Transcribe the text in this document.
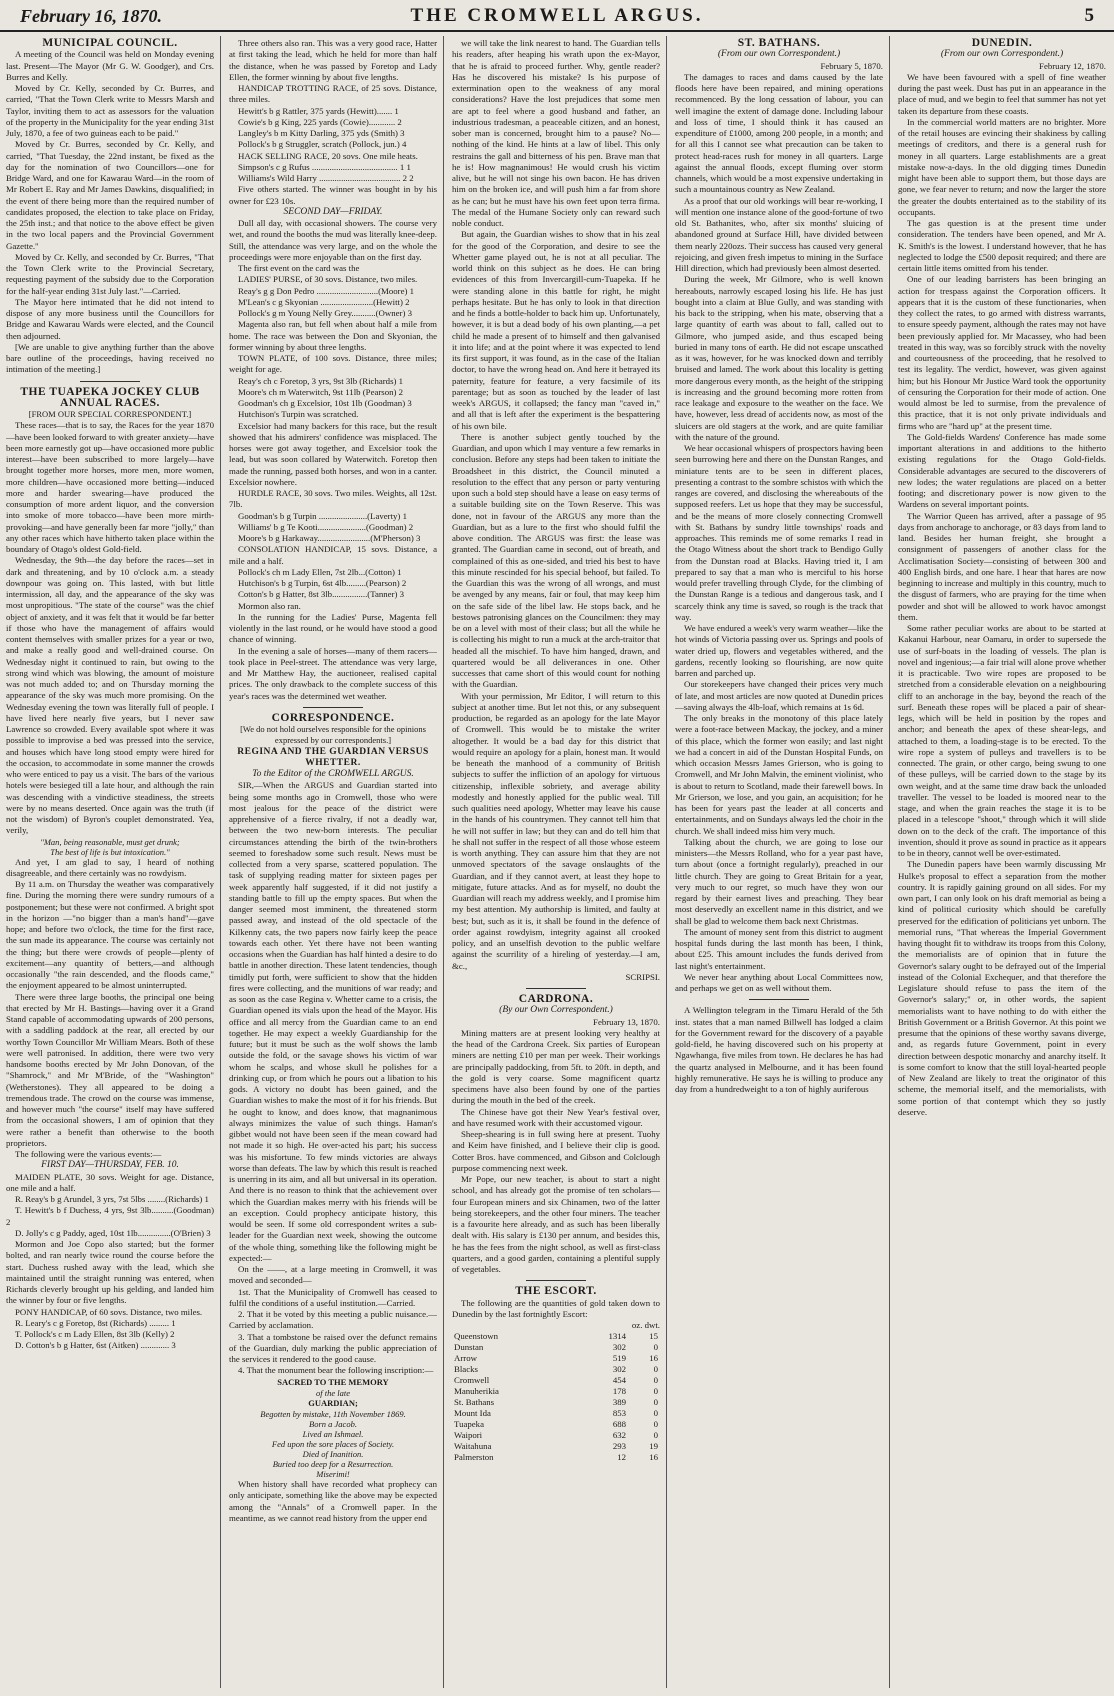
February 16, 1870.	THE CROMWELL ARGUS.	5

MUNICIPAL COUNCIL.

A meeting of the Council was held on Monday evening last. Present—The Mayor (Mr G. W. Goodger), and Crs. Burres and Kelly.

Moved by Cr. Kelly, seconded by Cr. Burres, and carried, "That the Town Clerk write to Messrs Marsh and Taylor, inviting them to act as assessors for the valuation of the property in the Municipality for the year ending 31st July, 1870, a fee of two guineas each to be paid."

Moved by Cr. Burres, seconded by Cr. Kelly, and carried, "That Tuesday, the 22nd instant, be fixed as the day for the nomination of two Councillors—one for Bridge Ward, and one for Kawarau Ward—in the room of Mr Robert E. Ray and Mr James Dawkins, disqualified; in the event of there being more than the required number of candidates proposed, the election to take place on Friday, the 25th inst.; and that notice to the above effect be given in the two local papers and the Provincial Government Gazette."

Moved by Cr. Kelly, and seconded by Cr. Burres, "That the Town Clerk write to the Provincial Secretary, requesting payment of the subsidy due to the Corporation for the half-year ending 31st July last."—Carried.

The Mayor here intimated that he did not intend to dispose of any more business until the Councillors for Bridge and Kawarau Wards were elected, and the Council then adjourned.

[We are unable to give anything further than the above bare outline of the proceedings, having received no intimation of the meeting.]

THE TUAPEKA JOCKEY CLUB ANNUAL RACES.

[FROM OUR SPECIAL CORRESPONDENT.]

These races—that is to say, the Races for the year 1870—have been looked forward to with greater anxiety—have been more earnestly got up—have occasioned more public interest—have been subscribed to more largely—have brought together more horses, more men, more women, more children—have occasioned more betting—induced more and harder swearing—have produced the consumption of more ardent liquor, and the conversion into smoke of more tobacco—have been more mirth-provoking—and have generally been far more "jolly," than any other races which have hitherto taken place within the boundary of Otago's oldest Gold-field.

Wednesday, the 9th—the day before the races—set in dark and threatening, and by 10 o'clock a.m. a steady downpour was going on. This lasted, with but little intermission, all day, and the appearance of the sky was most unpropitious. "The state of the course" was the chief object of anxiety, and it was felt that it would be far better if those who have the management of affairs would content themselves with smaller prizes for a year or two, and make a really good and well-drained course. On Wednesday night it continued to rain, but owing to the strong wind which was blowing, the amount of moisture was not much added to; and on Thursday morning the appearance of the sky was much more promising. On the Wednesday evening the town was literally full of people. I have lived here nearly five years, but I never saw Lawrence so crowded. Every available spot where it was possible to improvise a bed was pressed into the service, and houses which have long stood empty were hired for the occasion, to accommodate in some manner the crowds who were enticed to pay us a visit. The bars of the various hotels were besieged till a late hour, and although the rain was descending with a vindictive steadiness, the streets were by no means deserted. Once again was the truth (if not the wisdom) of Byron's couplet demonstrated. Yea, verily,

"Man, being reasonable, must get drunk;

The best of life is but intoxication."

And yet, I am glad to say, I heard of nothing disagreeable, and there certainly was no rowdyism.

By 11 a.m. on Thursday the weather was comparatively fine. During the morning there were sundry rumours of a postponement; but these were not confirmed. A bright spot in the horizon —"no bigger than a man's hand"—gave hope; and before two o'clock, the time for the first race, the sun made its appearance. The course was certainly not the thing; but there were crowds of people—plenty of excitement—any quantity of betters,—and although occasionally "the rain descended, and the floods came," the enjoyment appeared to be almost uninterrupted.

There were three large booths, the principal one being that erected by Mr H. Bastings—having over it a Grand Stand capable of accommodating upwards of 200 persons, with a saddling paddock at the rear, all erected by our worthy Town Councillor Mr William Mears. Both of these were well patronised. In addition, there were two very handsome booths erected by Mr John Donovan, of the "Shamrock," and Mr M'Bride, of the "Washington" (Wetherstones). They all appeared to be doing a tremendous trade. The crowd on the course was immense, and however much "the course" itself may have suffered from the occasional showers, I am of opinion that they were rather a benefit than otherwise to the booth proprietors.

The following were the various events:—

FIRST DAY—THURSDAY, FEB. 10.

MAIDEN PLATE, 30 sovs. Weight for age. Distance, one mile and a half.

R. Reay's b g Arundel, 3 yrs, 7st 5lbs ........(Richards) 1

T. Hewitt's b f Duchess, 4 yrs, 9st 3lb..........(Goodman) 2

D. Jolly's c g Paddy, aged, 10st 1lb...............(O'Brien) 3

Mormon and Joe Copo also started; but the former bolted, and ran nearly twice round the course before the start. Duchess rushed away with the lead, which she maintained until the straight running was entered, when Richards cleverly brought up his gelding, and landed him the winner by four or five lengths.

PONY HANDICAP, of 60 sovs. Distance, two miles.

R. Leary's c g Foretop, 8st (Richards) ......... 1

T. Pollock's c m Lady Ellen, 8st 3lb (Kelly) 2

D. Cotton's b g Hatter, 6st (Aitken) ............. 3

Three others also ran. This was a very good race, Hatter at first taking the lead, which he held for more than half the distance, when he was passed by Foretop and Lady Ellen, the former winning by about five lengths.

HANDICAP TROTTING RACE, of 25 sovs. Distance, three miles.

Hewitt's b g Rattler, 375 yards (Hewitt)....... 1

Cowie's b g King, 225 yards (Cowie)............ 2

Langley's b m Kitty Darling, 375 yds (Smith) 3

Pollock's b g Struggler, scratch (Pollock, jun.) 4

HACK SELLING RACE, 20 sovs. One mile heats.

Simpson's c g Rufus ....................................... 1 1

Williams's Wild Harry ..................................... 2 2

Five others started. The winner was bought in by his owner for £23 10s.

SECOND DAY—FRIDAY.

Dull all day, with occasional showers. The course very wet, and round the booths the mud was literally knee-deep. Still, the attendance was very large, and on the whole the proceedings were more enjoyable than on the first day.

The first event on the card was the

LADIES' PURSE, of 30 sovs. Distance, two miles.

Reay's g g Don Pedro ............................(Moore) 1

M'Lean's c g Skyonian ........................(Hewitt) 2

Pollock's g m Young Nelly Grey...........(Owner) 3

Magenta also ran, but fell when about half a mile from home. The race was between the Don and Skyonian, the former winning by about three lengths.

TOWN PLATE, of 100 sovs. Distance, three miles; weight for age.

Reay's ch c Foretop, 3 yrs, 9st 3lb (Richards) 1

Moore's ch m Waterwitch, 9st 11lb (Pearson) 2

Goodman's ch g Excelsior, 10st 1lb (Goodman) 3

Hutchison's Turpin was scratched.

Excelsior had many backers for this race, but the result showed that his admirers' confidence was misplaced. The horses were got away together, and Excelsior took the lead, but was soon collared by Waterwitch. Foretop then made the running, passed both horses, and won in a canter. Excelsior nowhere.

HURDLE RACE, 30 sovs. Two miles. Weights, all 12st. 7lb.

Goodman's b g Turpin ......................(Laverty) 1

Williams' b g Te Kooti......................(Goodman) 2

Moore's b g Harkaway........................(M'Pherson) 3

CONSOLATION HANDICAP, 15 sovs. Distance, a mile and a half.

Pollock's ch m Lady Ellen, 7st 2lb...(Cotton) 1

Hutchison's b g Turpin, 6st 4lb.........(Pearson) 2

Cotton's b g Hatter, 8st 3lb................(Tanner) 3

Mormon also ran.

In the running for the Ladies' Purse, Magenta fell violently in the last round, or he would have stood a good chance of winning.

In the evening a sale of horses—many of them racers—took place in Peel-street. The attendance was very large, and Mr Matthew Hay, the auctioneer, realised capital prices. The only drawback to the complete success of this year's races was the determined wet weather.

CORRESPONDENCE.

[We do not hold ourselves responsible for the opinions expressed by our correspondents.]

REGINA AND THE GUARDIAN VERSUS WHETTER.

To the Editor of the CROMWELL ARGUS.

SIR,—When the ARGUS and Guardian started into being some months ago in Cromwell, those who were most jealous for the peace of the district were apprehensive of a fierce rivalry, if not a deadly war, between the two new-born interests. The peculiar circumstances attending the birth of the twin-brothers seemed to foreshadow some such result. News must be collected from a very sparse, scattered population. The task of supplying reading matter for sixteen pages per week apparently half suggested, if it did not justify a standing battle to fill up the empty spaces. But when the danger seemed most imminent, the threatened storm passed away, and instead of the old spectacle of the Kilkenny cats, the two papers now fairly keep the peace towards each other. Yet there have not been wanting occasions when the Guardian has half hinted a desire to do battle in another direction. These latent tendencies, though timidly put forth, were sufficient to show that the hidden fires were collecting, and the munitions of war ready; and as soon as the case Regina v. Whetter came to a crisis, the Guardian opened its vials upon the head of the Mayor. His office and all mercy from the Guardian came to an end together. He may expect a weekly Guardianship for the future; but it must be such as the wolf shows the lamb outside the fold, or the savage shows his victim of war whom he scalps, and whose skull he polishes for a drinking cup, or from which he pours out a libation to his gods. A victory no doubt has been gained, and the Guardian wishes to make the most of it for his friends. But he ought to know, and does know, that magnanimous always minimizes the value of such things. Haman's gibbet would not have been seen if the mean coward had not made it so high. He over-acted his part; his success was his misfortune. To few minds victories are always worse than defeats. The law by which this result is reached is unerring in its aim, and all but universal in its operation. And there is no reason to think that the achievement over which the Guardian makes merry with his friends will be an exception. Could prophecy anticipate history, this would be seen. If some old correspondent writes a sub-leader for the Guardian next week, showing the outcome of the whole thing, something like the following might be expected:—

On the ——, at a large meeting in Cromwell, it was moved and seconded—

1st. That the Municipality of Cromwell has ceased to fulfil the conditions of a useful institution.—Carried.

2. That it be voted by this meeting a public nuisance.—Carried by acclamation.

3. That a tombstone be raised over the defunct remains of the Guardian, duly marking the public appreciation of the services it rendered to the good cause.

4. That the monument bear the following inscription:—

SACRED TO THE MEMORY

of the late

GUARDIAN;

Begotten by mistake, 11th November 1869.

Born a Jacob.

Lived an Ishmael.

Fed upon the sore places of Society.

Died of Inanition.

Buried too deep for a Resurrection.

Miserimi!

When history shall have recorded what prophecy can only anticipate, something like the above may be expected among the "Annals" of a Cromwell paper. In the meantime, as we cannot read history from the upper end

we will take the link nearest to hand. The Guardian tells his readers, after heaping his wrath upon the ex-Mayor, that he is afraid to proceed further. Why, gentle reader? Has he discovered his mistake? Is his purpose of extermination open to the weakness of any moral considerations? Have the lost prejudices that some men are apt to feel where a good husband and father, an industrious tradesman, a peaceable citizen, and an honest, sober man is concerned, brought him to a pause? No—nothing of the kind. He hints at a law of libel. This only restrains the gall and bitterness of his pen. Brave man that he is! How magnanimous! He would crush his victim alive, but he will not singe his own bacon. He has driven him on the broken ice, and will push him a far from shore as he can; but he must have his own feet upon terra firma. The medal of the Humane Society only can reward such noble conduct.

But again, the Guardian wishes to show that in his zeal for the good of the Corporation, and desire to see the Whetter game played out, he is not at all peculiar. The world think on this subject as he does. He can bring evidences of this from Invercargill-cum-Tuapeka. If he were standing alone in this battle for right, he might perhaps hesitate. But he has only to look in that direction and he finds a bottle-holder to back him up. Unfortunately, however, it is but a dead body of his own planting,—a pet child he made a present of to himself and then galvanised it into life; and at the point where it was expected to lend its first support, it was found, as in the case of the Italian doctor, to have the wrong head on. And here it betrayed its paternity, feature for feature, a very facsimile of its parentage; but as soon as touched by the leader of last week's ARGUS, it collapsed; the fancy man "caved in," and all that is left after the experiment is the bespattering of his own bile.

There is another subject gently touched by the Guardian, and upon which I may venture a few remarks in conclusion. Before any steps had been taken to initiate the Broadsheet in this district, the Council minuted a resolution to the effect that any person or party venturing upon such a bold step should have a lease on easy terms of a suitable building site on the Town Reserve. This was done, not in favour of the ARGUS any more than the Guardian, but as a lure to the first who should fulfil the above condition. The ARGUS was first: the lease was granted. The Guardian came in second, out of breath, and complained of this as one-sided, and tried his best to have this minute rescinded for his special behoof, but failed. To the Guardian this was the wrong of all wrongs, and must be avenged by any means, fair or foul, that may keep him on the safe side of the libel law. He stops back, and he bestows patronising glances on the Councilmen: they may be on a level with most of their class; but all the while he is collecting his might to run a muck at the arch-traitor that headed all the mischief. To have him hanged, drawn, and quartered would be all deliverances in one. Other successes that came short of this would count for nothing with the Guardian.

With your permission, Mr Editor, I will return to this subject at another time. But let not this, or any subsequent production, be regarded as an apology for the late Mayor of Cromwell. This would be to mistake the writer altogether. It would be a bad day for this district that would require an apology for a plain, honest man. It would be beneath the manhood of a community of British subjects to suffer the infliction of an apology for virtuous citizenship, inflexible sobriety, and average ability modestly and honestly applied for the public weal. Till such qualities need apology, Whetter may leave his cause in the hands of his countrymen. They cannot tell him that he will not suffer in law; but they can and do tell him that he shall not suffer in the respect of all those whose esteem is worth anything. They can assure him that they are not unmoved spectators of the savage onslaughts of the Guardian, and if they cannot avert, at least they hope to mitigate, future attacks. And as for myself, no doubt the Guardian will reach my address weekly, and I promise him my best attention. My authorship is limited, and faulty at best; but, such as it is, it shall be found in the defence of order against rowdyism, integrity against all crooked policy, and an unselfish devotion to the public welfare against the scurrility of a hireling of yesterday.—I am, &c.,

SCRIPSI.

CARDRONA.

(By our Own Correspondent.)

February 13, 1870.

Mining matters are at present looking very healthy at the head of the Cardrona Creek. Six parties of European miners are netting £10 per man per week. Their workings are principally paddocking, from 5ft. to 20ft. in depth, and the gold is very coarse. Some magnificent quartz specimens have also been found by one of the parties during the mouth in the bed of the creek.

The Chinese have got their New Year's festival over, and have resumed work with their accustomed vigour.

Sheep-shearing is in full swing here at present. Tuohy and Keim have finished, and I believe their clip is good. Cotter Bros. have commenced, and Gibson and Colclough purpose commencing next week.

Mr Pope, our new teacher, is about to start a night school, and has already got the promise of ten scholars—four European miners and six Chinamen, two of the latter being storekeepers, and the other four miners. The teacher is a favourite here already, and as such has been liberally dealt with. His salary is £130 per annum, and besides this, he has the fees from the night school, as well as first-class quarters, and a good garden, containing a plentiful supply of vegetables.

THE ESCORT.

The following are the quantities of gold taken down to Dunedin by the last fortnightly Escort:

oz. dwt.

Queenstown	1314	15
Dunstan	302	0
Arrow	519	16
Blacks	302	0
Cromwell	454	0
Manuherikia	178	0
St. Bathans	389	0
Mount Ida	853	0
Tuapeka	688	0
Waipori	632	0
Waitahuna	293	19
Palmerston	12	16

ST. BATHANS.

(From our own Correspondent.)

February 5, 1870.

The damages to races and dams caused by the late floods here have been repaired, and mining operations recommenced. By the long cessation of labour, you can well imagine the extent of damage done. Including labour and loss of time, I should think it has caused an expenditure of £1000, among 200 people, in a month; and for all this I cannot see what precaution can be taken to protect head-races rush for money in all quarters. Large against the annual floods, except fluming over storm channels, which would be a most expensive undertaking in such a mountainous country as New Zealand.

As a proof that our old workings will bear re-working, I will mention one instance alone of the good-fortune of two old St. Bathanites, who, after six months' sluicing of abandoned ground at Surface Hill, have divided between them nearly 220ozs. Their success has caused very general rejoicing, and given fresh impetus to mining in the Surface Hill direction, which had previously been almost deserted.

During the week, Mr Gilmore, who is well known hereabouts, narrowly escaped losing his life. He has just bought into a claim at Blue Gully, and was standing with his back to the stripping, when his mate, observing that a large quantity of earth was about to fall, called out to Gilmore, who jumped aside, and thus escaped being buried in many tons of earth. He did not escape unscathed as it was, however, for he was knocked down and terribly bruised and lamed. The work about this locality is getting more dangerous every month, as the height of the stripping is increasing and the ground becoming more rotten from race leakage and exposure to the weather on the face. We have, however, less dread of accidents now, as most of the sluicers are old stagers at the work, and are quite familiar with the nature of the ground.

We hear occasional whispers of prospectors having been seen burrowing here and there on the Dunstan Ranges, and miniature tents are to be seen in different places, presenting a contrast to the sombre schistos with which the ranges are covered, and disclosing the whereabouts of the supposed reefers. Let us hope that they may be successful, and be the means of more closely connecting Cromwell with St. Bathans by sundry little townships' roads and approaches. This reminds me of some remarks I read in the Otago Witness about the short track to Bendigo Gully from the Dunstan road at Blacks. Having tried it, I am prepared to say that a man who is merciful to his horse would prefer travelling through Clyde, for the climbing of the Dunstan Range is a tedious and dangerous task, and I scarcely think any time is saved, so rough is the track that way.

We have endured a week's very warm weather—like the hot winds of Victoria passing over us. Springs and pools of water dried up, flowers and vegetables withered, and the gardens, recently looking so flourishing, are now quite barren and parched up.

Our storekeepers have changed their prices very much of late, and most articles are now quoted at Dunedin prices—saving always the 4lb-loaf, which remains at 1s 6d.

The only breaks in the monotony of this place lately were a foot-race between Mackay, the jockey, and a miner of this place, which the former won easily; and last night we had a concert in aid of the Dunstan Hospital Funds, on which occasion Messrs James Grierson, who is going to Cromwell, and Mr John Malvin, the eminent violinist, who is about to return to Scotland, made their farewell bows. In Mr Grierson, we lose, and you gain, an acquisition; for he has been for years past the leader at all concerts and entertainments, and on Sundays always led the choir in the church. We shall indeed miss him very much.

Talking about the church, we are going to lose our ministers—the Messrs Rolland, who for a year past have, turn about (once a fortnight regularly), preached in our little church. They are going to Great Britain for a year, very much to our regret, so much have they won our regard by their earnest lives and preaching. They bear most deservedly an excellent name in this district, and we shall be glad to welcome them back next Christmas.

The amount of money sent from this district to augment hospital funds during the last month has been, I think, about £25. This amount includes the funds derived from last night's entertainment.

We never hear anything about Local Committees now, and perhaps we get on as well without them.

A Wellington telegram in the Timaru Herald of the 5th inst. states that a man named Billwell has lodged a claim for the Government reward for the discovery of a payable gold-field, he having discovered such on his property at Ngawhanga, five miles from town. He declares he has had the quartz analysed in Melbourne, and it has been found highly remunerative. He says he is willing to produce any day from a hundredweight to a ton of highly auriferous

DUNEDIN.

(From our own Correspondent.)

February 12, 1870.

We have been favoured with a spell of fine weather during the past week. Dust has put in an appearance in the place of mud, and we begin to feel that summer has not yet taken its departure from these coasts.

In the commercial world matters are no brighter. More of the retail houses are evincing their shakiness by calling meetings of creditors, and there is a general rush for money in all quarters. Large establishments are a great mistake now-a-days. In the old digging times Dunedin might have been able to support them, but those days are gone, we fear never to return; and now the larger the store the greater the doubts entertained as to the stability of its occupants.

The gas question is at the present time under consideration. The tenders have been opened, and Mr A. K. Smith's is the lowest. I understand however, that he has neglected to lodge the £500 deposit required; and there are certain little items omitted from his tender.

One of our leading barristers has been bringing an action for trespass against the Corporation officers. It appears that it is the custom of these functionaries, when they collect the rates, to go armed with distress warrants, to ensure speedy payment, although the rates may not have been previously applied for. Mr Macassey, who had been treated in this way, was so forcibly struck with the novelty and courteousness of the proceeding, that he resolved to test its legality. The verdict, however, was given against him; but his Honour Mr Justice Ward took the opportunity of censuring the Corporation for their mode of action. One would almost be led to surmise, from the prevalence of this practice, that it is not only private individuals and firms who are "hard up" at the present time.

The Gold-fields Wardens' Conference has made some important alterations in and additions to the hitherto existing regulations for the Otago Gold-fields. Considerable advantages are secured to the discoverers of new lodes; the water regulations are placed on a better footing; and discretionary power is now given to the Wardens on several important points.

The Warrior Queen has arrived, after a passage of 95 days from anchorage to anchorage, or 83 days from land to land. Besides her human freight, she brought a consignment of passengers of another class for the Acclimatisation Society—consisting of between 300 and 400 English birds, and one hare. I hear that hares are now beginning to increase and multiply in this country, much to the disgust of farmers, who are praying for the time when powder and shot will be allowed to work havoc amongst them.

Some rather peculiar works are about to be started at Kakanui Harbour, near Oamaru, in order to supersede the use of surf-boats in the loading of vessels. The plan is novel and ingenious;—a fair trial will alone prove whether it is practicable. Two wire ropes are proposed to be stretched from a considerable elevation on a neighbouring cliff to an anchorage in the bay, beyond the reach of the surf. Beneath these ropes will be placed a pair of shear-legs, which will be held in position by the ropes and anchor; and beneath the apex of these shear-legs, and attached to them, a loading-stage is to be erected. To the wire rope a system of pulleys and travellers is to be connected. The grain, or other cargo, being swung to one of these pulleys, will be carried down to the stage by its own weight, and at the same time draw back the unloaded traveller. The vessel to be loaded is moored near to the stage, and when the grain reaches the stage it is to be placed in a telescope "shoot," through which it will slide down on to the deck of the craft. The importance of this invention, should it prove as sound in practice as it appears to be in theory, cannot well be over-estimated.

The Dunedin papers have been warmly discussing Mr Hulke's proposal to effect a separation from the mother country. It is rapidly gaining ground on all sides. For my own part, I can only look on his draft memorial as being a kind of political curiosity which should be carefully preserved for the edification of politicians yet unborn. The memorial runs, "That whereas the Imperial Government having thought fit to withdraw its troops from this Colony, the memorialists are of opinion that in future the Governor's salary ought to be defrayed out of the Imperial instead of the Colonial Exchequer, and that therefore the Legislature should refuse to pass the item of the Governor's salary;" or, in other words, the sapient memorialists want to have nothing to do with either the British Government or a British Governor. At this point we presume that the opinions of these worthy savans diverge, and, as regards future Government, point in every direction between despotic monarchy and anarchy itself. It is some comfort to know that the still loyal-hearted people of New Zealand are likely to treat the originator of this scheme, the memorial itself, and the memorialists, with some portion of that contempt which they so justly deserve.
